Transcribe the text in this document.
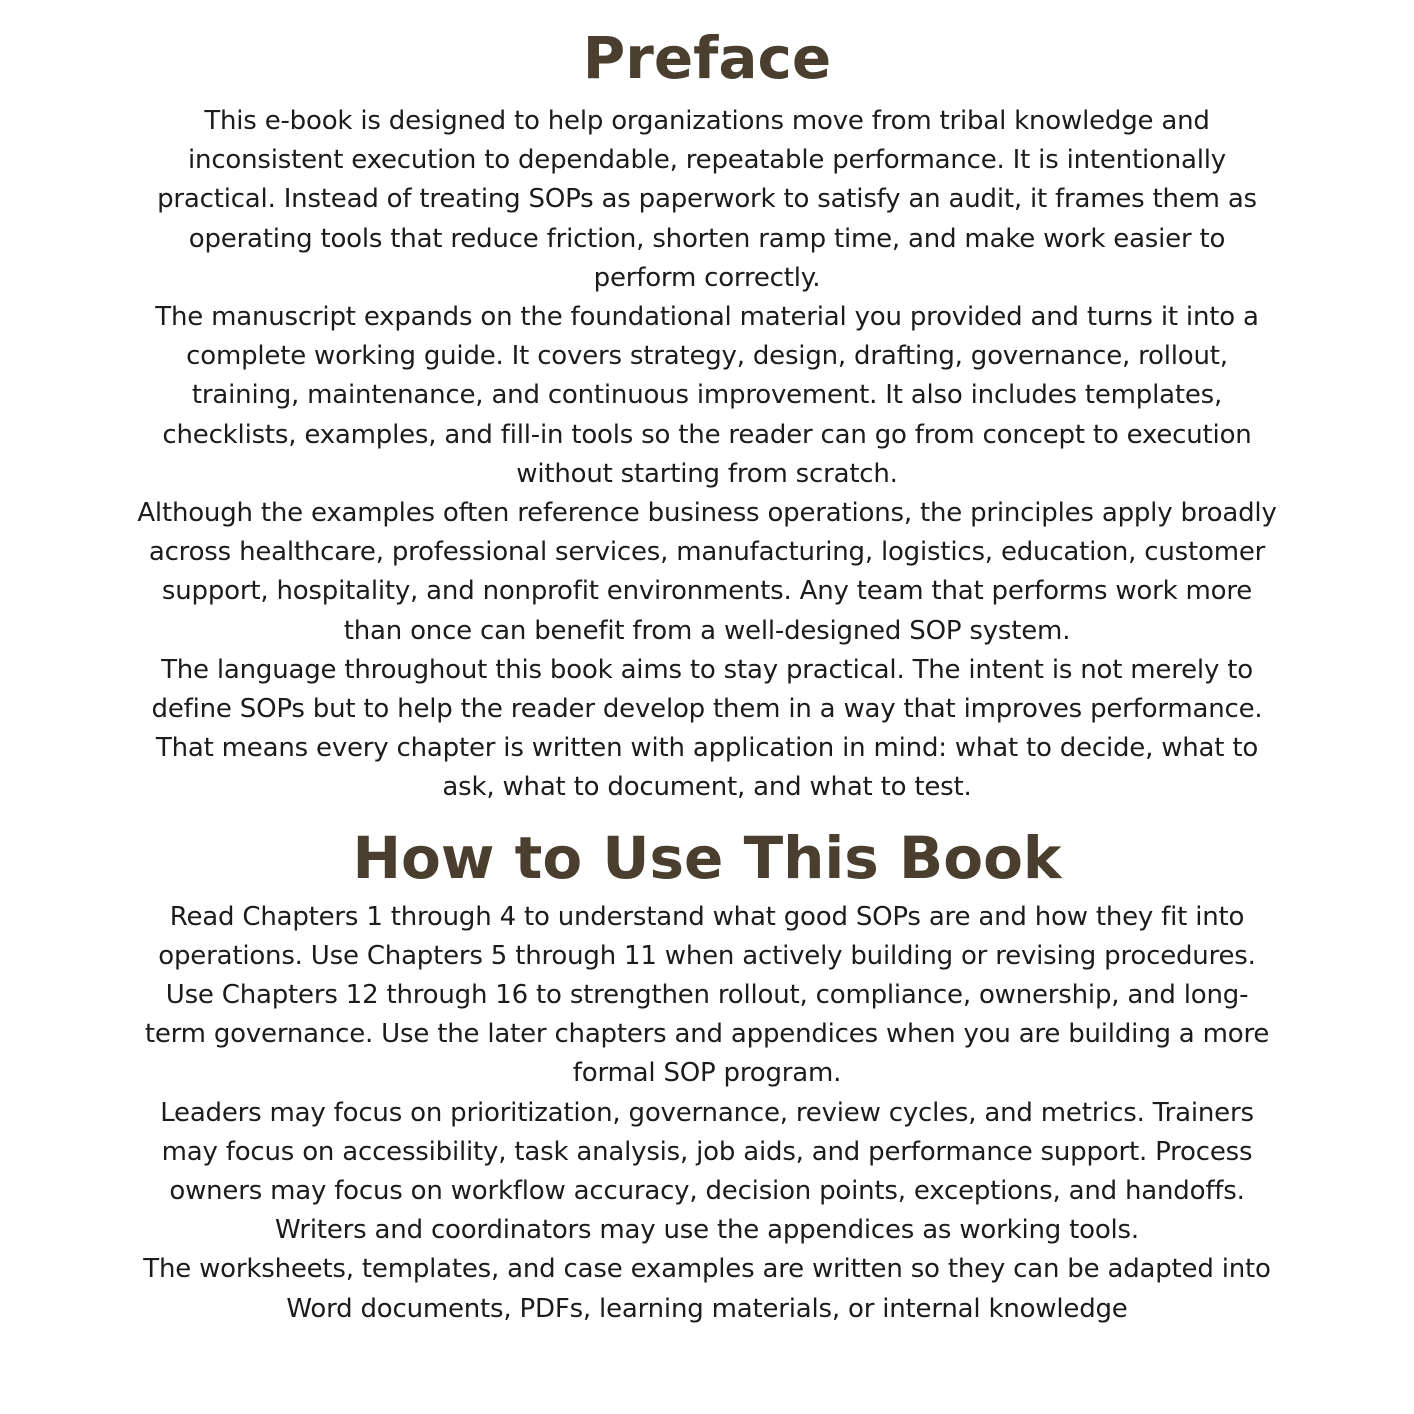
Preface

This e-book is designed to help organizations move from tribal knowledge and inconsistent execution to dependable, repeatable performance. It is intentionally practical. Instead of treating SOPs as paperwork to satisfy an audit, it frames them as operating tools that reduce friction, shorten ramp time, and make work easier to perform correctly.

The manuscript expands on the foundational material you provided and turns it into a complete working guide. It covers strategy, design, drafting, governance, rollout, training, maintenance, and continuous improvement. It also includes templates, checklists, examples, and fill-in tools so the reader can go from concept to execution without starting from scratch.

Although the examples often reference business operations, the principles apply broadly across healthcare, professional services, manufacturing, logistics, education, customer support, hospitality, and nonprofit environments. Any team that performs work more than once can benefit from a well-designed SOP system.

The language throughout this book aims to stay practical. The intent is not merely to define SOPs but to help the reader develop them in a way that improves performance. That means every chapter is written with application in mind: what to decide, what to ask, what to document, and what to test.

How to Use This Book

Read Chapters 1 through 4 to understand what good SOPs are and how they fit into operations. Use Chapters 5 through 11 when actively building or revising procedures. Use Chapters 12 through 16 to strengthen rollout, compliance, ownership, and long-term governance. Use the later chapters and appendices when you are building a more formal SOP program.

Leaders may focus on prioritization, governance, review cycles, and metrics. Trainers may focus on accessibility, task analysis, job aids, and performance support. Process owners may focus on workflow accuracy, decision points, exceptions, and handoffs. Writers and coordinators may use the appendices as working tools.

The worksheets, templates, and case examples are written so they can be adapted into Word documents, PDFs, learning materials, or internal knowledge
